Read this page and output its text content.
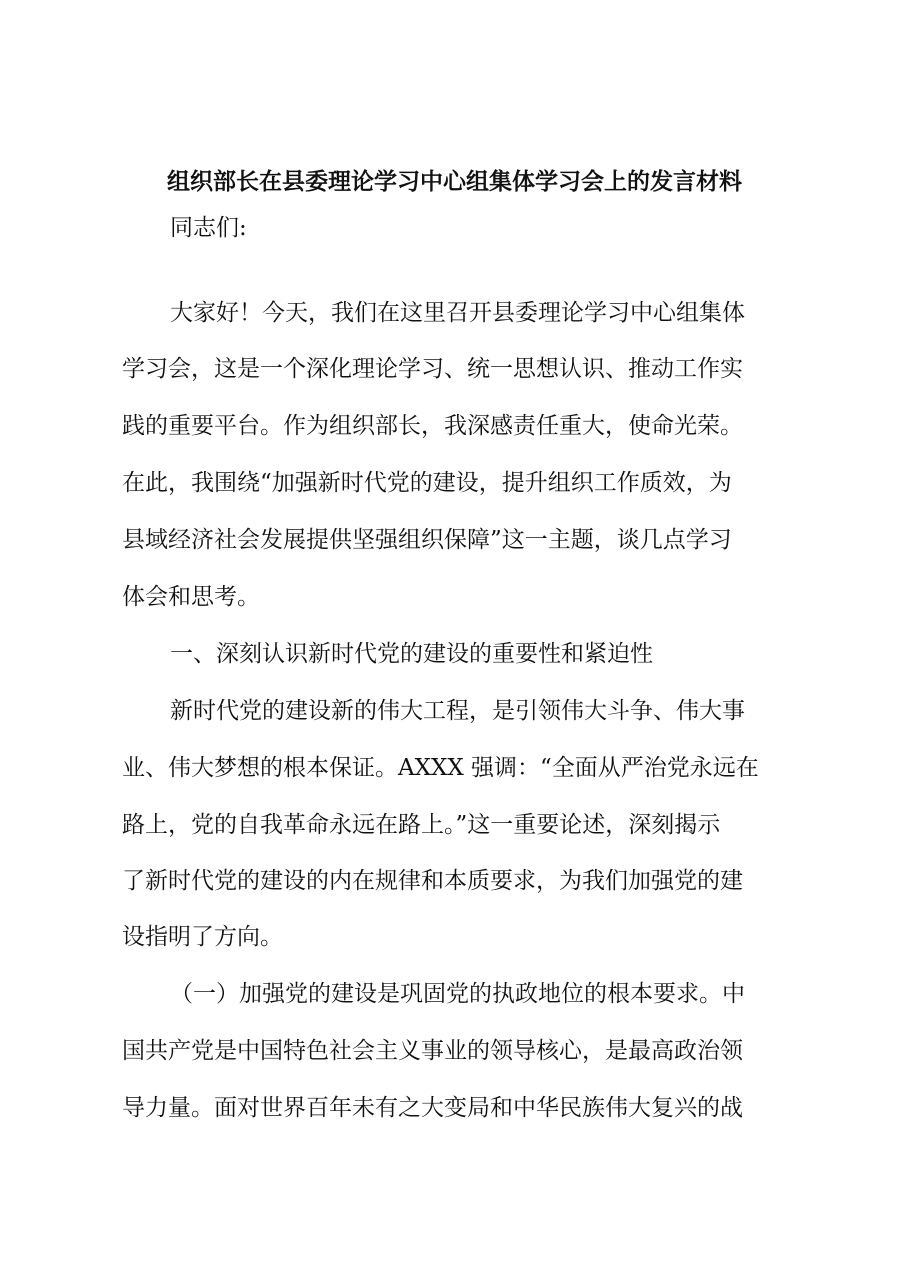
组织部长在县委理论学习中心组集体学习会上的发言材料

同志们:

大家好！今天，我们在这里召开县委理论学习中心组集体

学习会，这是一个深化理论学习、统一思想认识、推动工作实

践的重要平台。作为组织部长，我深感责任重大，使命光荣。

在此，我围绕“加强新时代党的建设，提升组织工作质效，为

县域经济社会发展提供坚强组织保障”这一主题，谈几点学习

体会和思考。

一、深刻认识新时代党的建设的重要性和紧迫性

新时代党的建设新的伟大工程，是引领伟大斗争、伟大事

业、伟大梦想的根本保证。AXXX 强调：“全面从严治党永远在

路上，党的自我革命永远在路上。”这一重要论述，深刻揭示

了新时代党的建设的内在规律和本质要求，为我们加强党的建

设指明了方向。

（一）加强党的建设是巩固党的执政地位的根本要求。中

国共产党是中国特色社会主义事业的领导核心，是最高政治领

导力量。面对世界百年未有之大变局和中华民族伟大复兴的战
